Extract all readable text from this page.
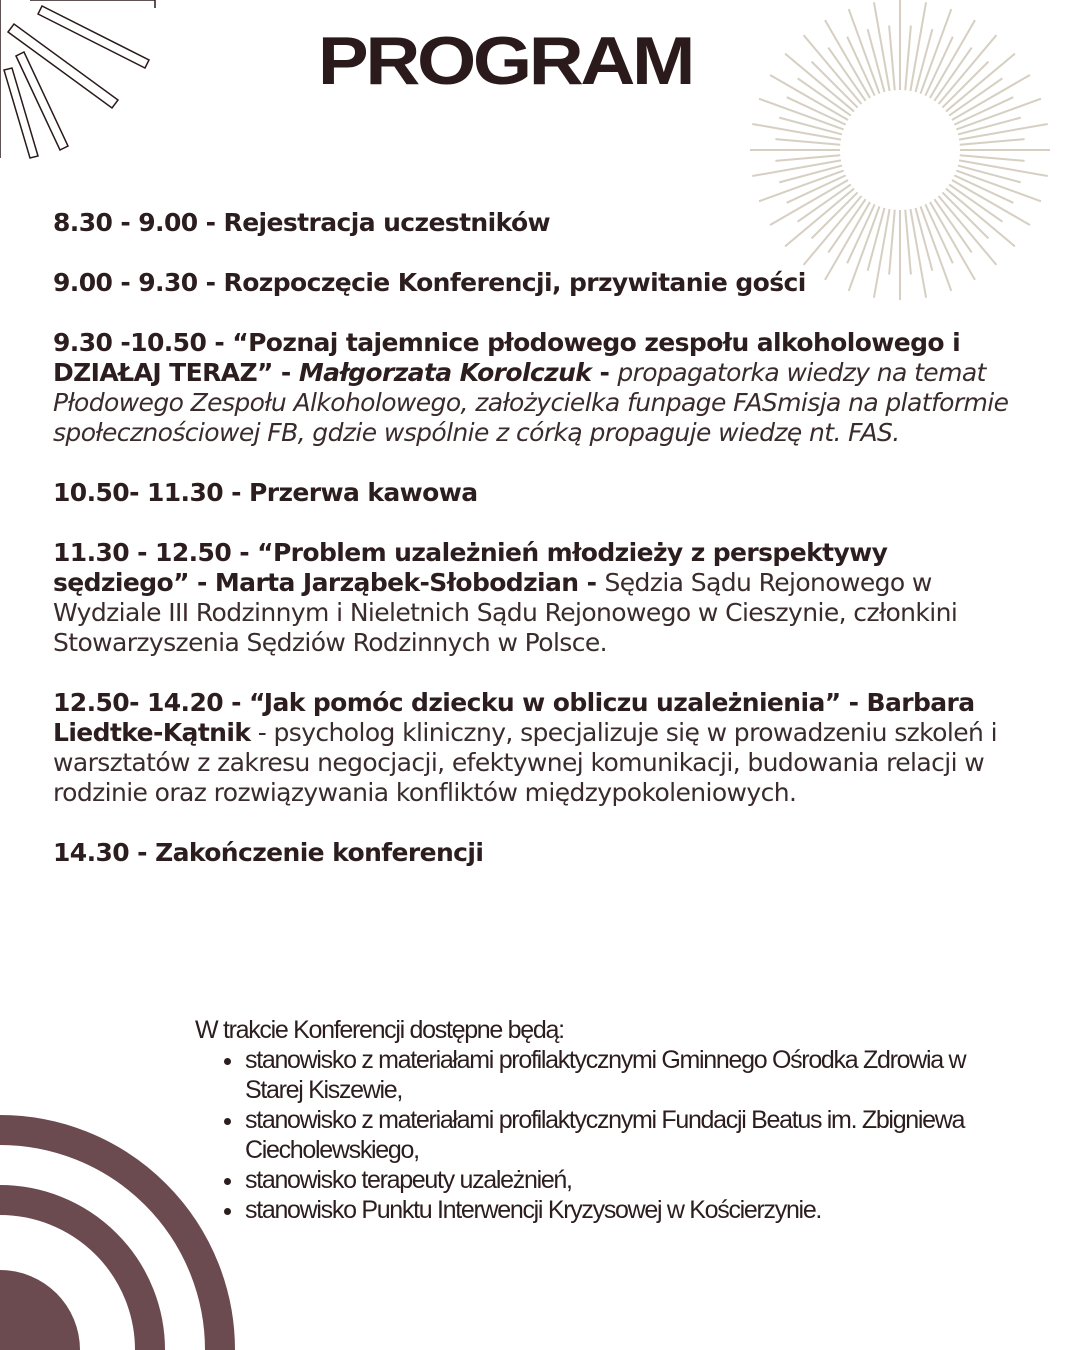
PROGRAM
8.30 - 9.00 - Rejestracja uczestników
9.00 - 9.30 - Rozpoczęcie Konferencji, przywitanie gości
9.30 -10.50 - “Poznaj tajemnice płodowego zespołu alkoholowego i DZIAŁAJ TERAZ” - Małgorzata Korolczuk - propagatorka wiedzy na temat Płodowego Zespołu Alkoholowego, założycielka funpage FASmisja na platformie społecznościowej FB, gdzie wspólnie z córką propaguje wiedzę nt. FAS.
10.50- 11.30 - Przerwa kawowa
11.30 - 12.50 - “Problem uzależnień młodzieży z perspektywy sędziego” - Marta Jarząbek-Słobodzian - Sędzia Sądu Rejonowego w Wydziale III Rodzinnym i Nieletnich Sądu Rejonowego w Cieszynie, członkini Stowarzyszenia Sędziów Rodzinnych w Polsce.
12.50- 14.20 - “Jak pomóc dziecku w obliczu uzależnienia” - Barbara Liedtke-Kątnik - psycholog kliniczny, specjalizuje się w prowadzeniu szkoleń i warsztatów z zakresu negocjacji, efektywnej komunikacji, budowania relacji w rodzinie oraz rozwiązywania konfliktów międzypokoleniowych.
14.30 - Zakończenie konferencji
W trakcie Konferencji dostępne będą:
• stanowisko z materiałami profilaktycznymi Gminnego Ośrodka Zdrowia w Starej Kiszewie,
• stanowisko z materiałami profilaktycznymi Fundacji Beatus im. Zbigniewa Ciecholewskiego,
• stanowisko terapeuty uzależnień,
• stanowisko Punktu Interwencji Kryzysowej w Kościerzynie.
